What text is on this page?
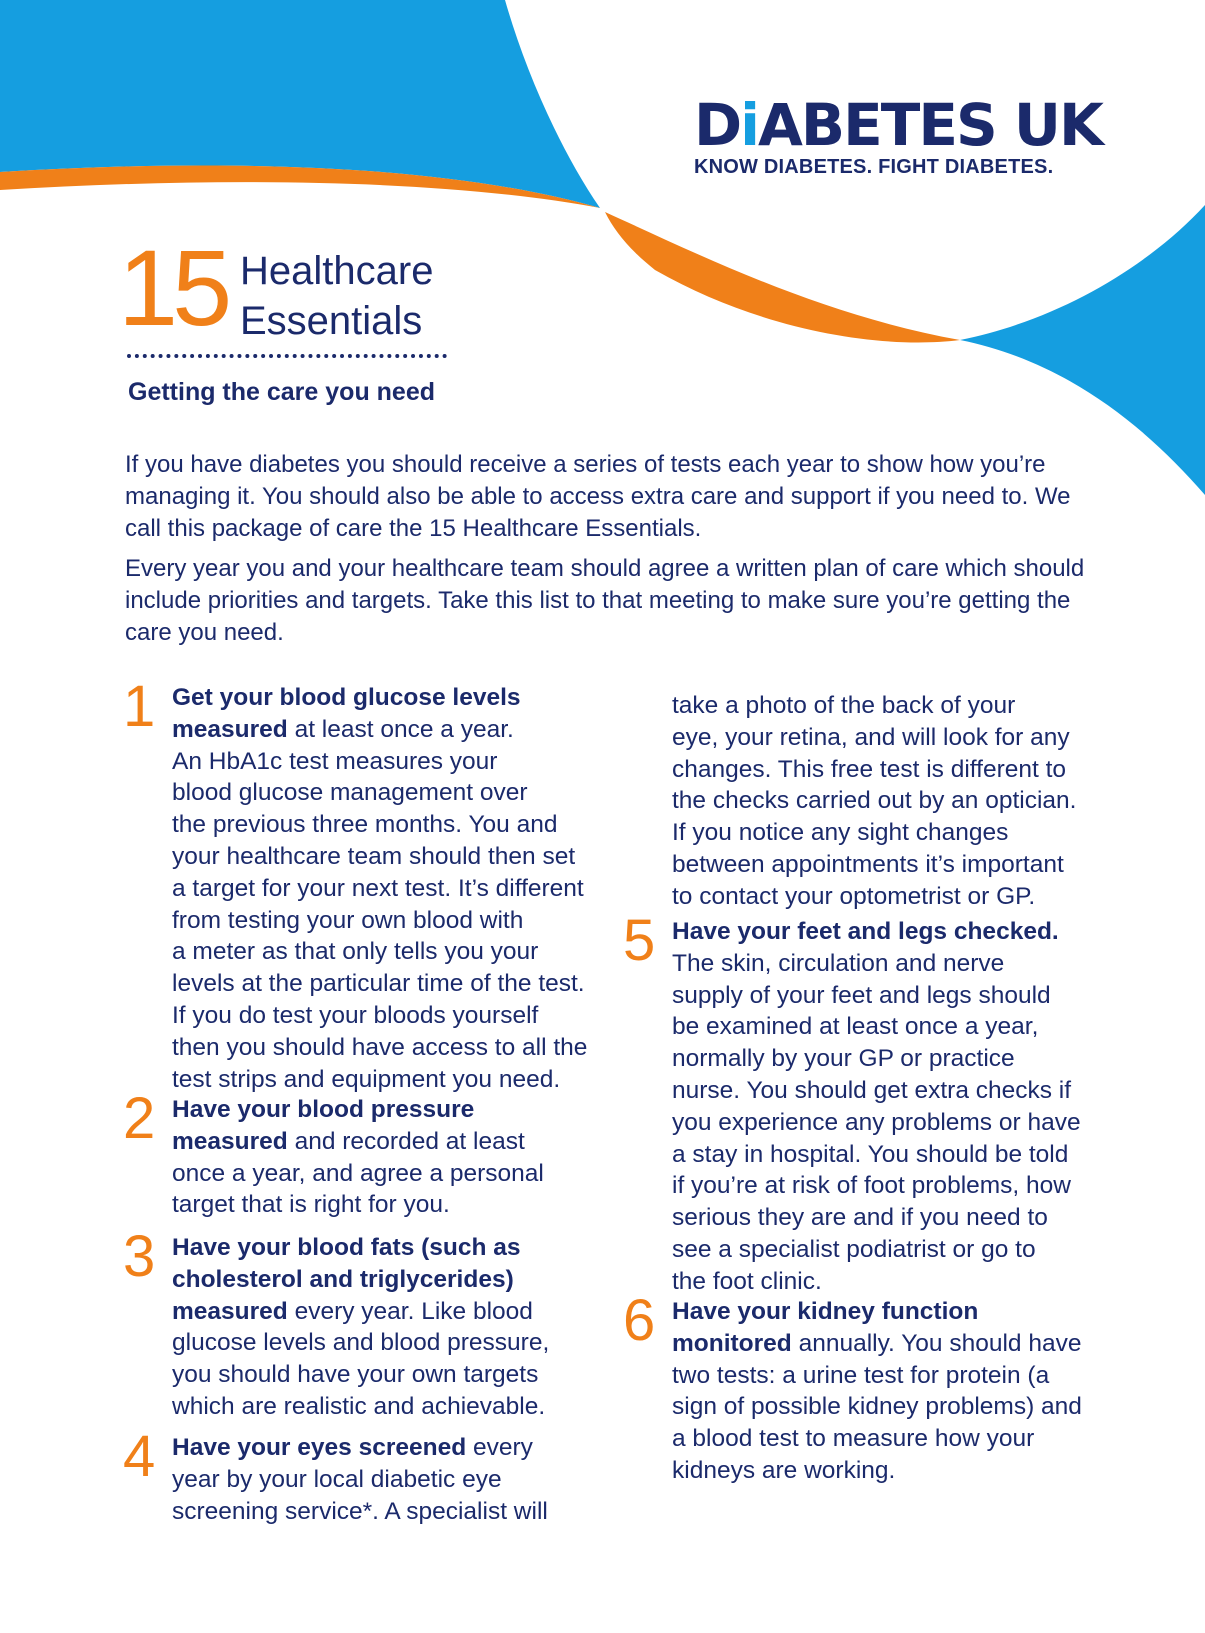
DiABETES UK
KNOW DIABETES. FIGHT DIABETES.
15 Healthcare
Essentials
Getting the care you need

If you have diabetes you should receive a series of tests each year to show how you’re managing it. You should also be able to access extra care and support if you need to. We call this package of care the 15 Healthcare Essentials.

Every year you and your healthcare team should agree a written plan of care which should include priorities and targets. Take this list to that meeting to make sure you’re getting the care you need.

1 Get your blood glucose levels
measured at least once a year.
An HbA1c test measures your
blood glucose management over
the previous three months. You and
your healthcare team should then set
a target for your next test. It’s different
from testing your own blood with
a meter as that only tells you your
levels at the particular time of the test.
If you do test your bloods yourself
then you should have access to all the
test strips and equipment you need.
2 Have your blood pressure
measured and recorded at least
once a year, and agree a personal
target that is right for you.
3 Have your blood fats (such as
cholesterol and triglycerides)
measured every year. Like blood
glucose levels and blood pressure,
you should have your own targets
which are realistic and achievable.
4 Have your eyes screened every
year by your local diabetic eye
screening service*. A specialist will
5 Have your feet and legs checked.
The skin, circulation and nerve
supply of your feet and legs should
be examined at least once a year,
normally by your GP or practice
nurse. You should get extra checks if
you experience any problems or have
a stay in hospital. You should be told
if you’re at risk of foot problems, how
serious they are and if you need to
see a specialist podiatrist or go to
the foot clinic.
6 Have your kidney function
monitored annually. You should have
two tests: a urine test for protein (a
sign of possible kidney problems) and
a blood test to measure how your
kidneys are working.
take a photo of the back of your
eye, your retina, and will look for any
changes. This free test is different to
the checks carried out by an optician.
If you notice any sight changes
between appointments it’s important
to contact your optometrist or GP.
